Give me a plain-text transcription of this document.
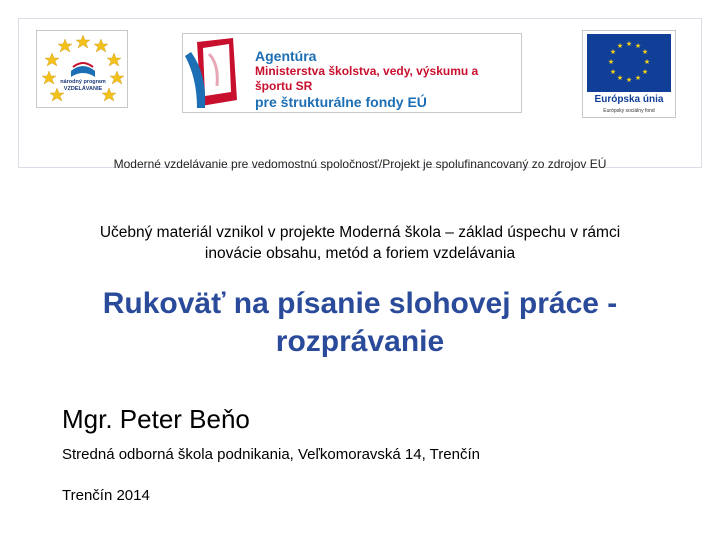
národný program VZDELÁVANIE
Agentúra
Ministerstva školstva, vedy, výskumu a športu SR
pre štrukturálne fondy EÚ
★ ★
★
★
★
★
★
★
★
★
★
★
Európska únia
Európsky sociálny fond
Moderné vzdelávanie pre vedomostnú spoločnosť/Projekt je spolufinancovaný zo zdrojov EÚ
Učebný materiál vznikol v projekte Moderná škola – základ úspechu v rámci inovácie obsahu, metód a foriem vzdelávania
Rukoväť na písanie slohovej práce - rozprávanie
Mgr. Peter Beňo
Stredná odborná škola podnikania, Veľkomoravská 14, Trenčín
Trenčín 2014
